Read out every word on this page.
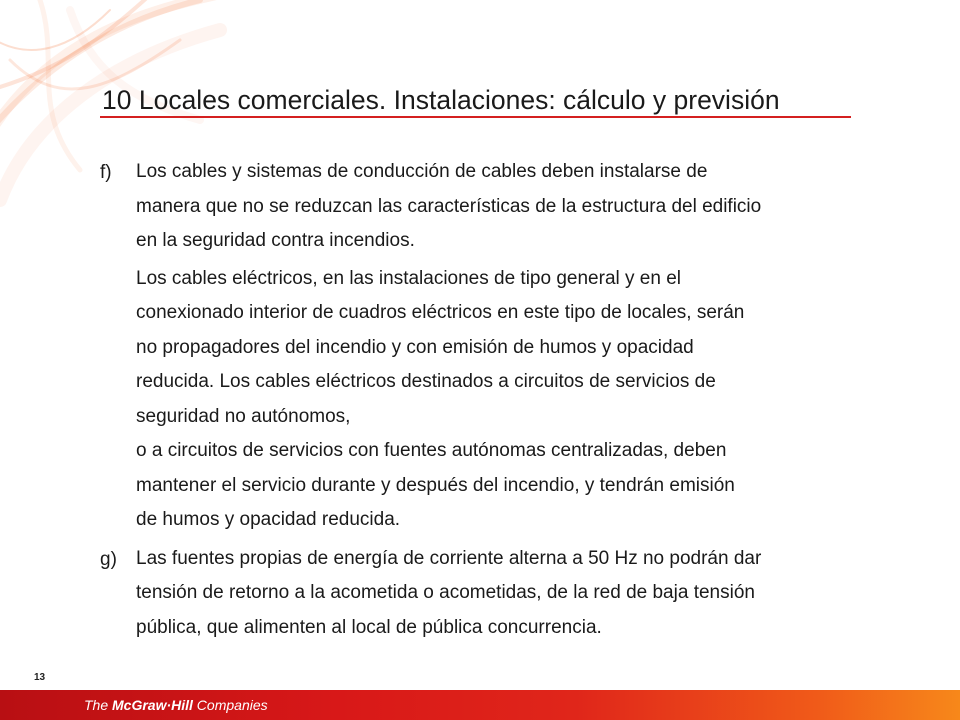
10 Locales comerciales. Instalaciones: cálculo y previsión
f)	Los cables y sistemas de conducción de cables deben instalarse de
manera que no se reduzcan las características de la estructura del edificio
en la seguridad contra incendios.

Los cables eléctricos, en las instalaciones de tipo general y en el
conexionado interior de cuadros eléctricos en este tipo de locales, serán
no propagadores del incendio y con emisión de humos y opacidad
reducida. Los cables eléctricos destinados a circuitos de servicios de
seguridad no autónomos,
o a circuitos de servicios con fuentes autónomas centralizadas, deben
mantener el servicio durante y después del incendio, y tendrán emisión
de humos y opacidad reducida.

g)	Las fuentes propias de energía de corriente alterna a 50 Hz no podrán dar
tensión de retorno a la acometida o acometidas, de la red de baja tensión
pública, que alimenten al local de pública concurrencia.

13
The McGraw·Hill Companies
